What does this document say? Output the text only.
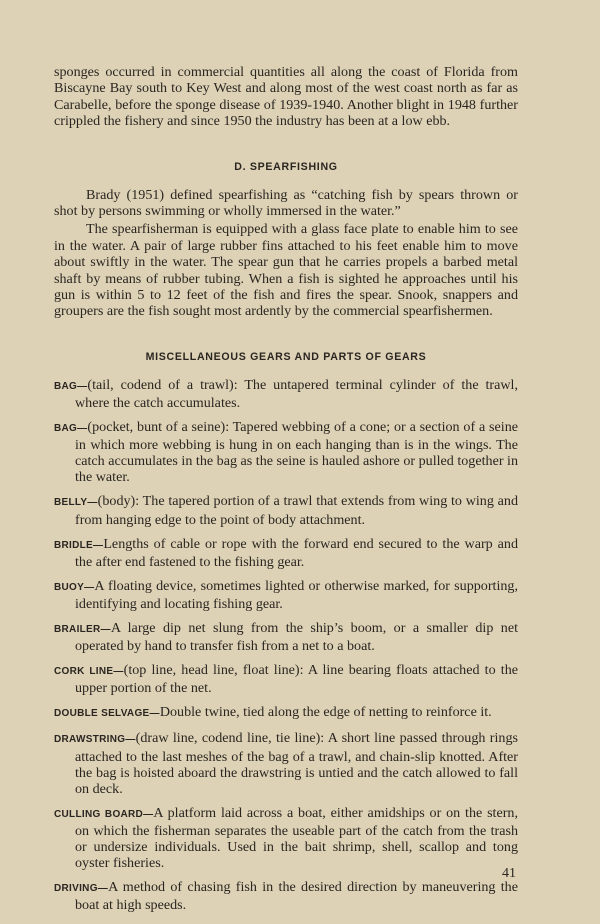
sponges occurred in commercial quantities all along the coast of Florida from Biscayne Bay south to Key West and along most of the west coast north as far as Carabelle, before the sponge disease of 1939-1940. Another blight in 1948 further crippled the fishery and since 1950 the industry has been at a low ebb.

D. SPEARFISHING

Brady (1951) defined spearfishing as “catching fish by spears thrown or shot by persons swimming or wholly immersed in the water.”

The spearfisherman is equipped with a glass face plate to enable him to see in the water. A pair of large rubber fins attached to his feet enable him to move about swiftly in the water. The spear gun that he carries propels a barbed metal shaft by means of rubber tubing. When a fish is sighted he approaches until his gun is within 5 to 12 feet of the fish and fires the spear. Snook, snappers and groupers are the fish sought most ardently by the commercial spearfishermen.

MISCELLANEOUS GEARS AND PARTS OF GEARS

BAG—(tail, codend of a trawl): The untapered terminal cylinder of the trawl, where the catch accumulates.

BAG—(pocket, bunt of a seine): Tapered webbing of a cone; or a section of a seine in which more webbing is hung in on each hanging than is in the wings. The catch accumulates in the bag as the seine is hauled ashore or pulled together in the water.

BELLY—(body): The tapered portion of a trawl that extends from wing to wing and from hanging edge to the point of body attachment.

BRIDLE—Lengths of cable or rope with the forward end secured to the warp and the after end fastened to the fishing gear.

BUOY—A floating device, sometimes lighted or otherwise marked, for supporting, identifying and locating fishing gear.

BRAILER—A large dip net slung from the ship’s boom, or a smaller dip net operated by hand to transfer fish from a net to a boat.

CORK LINE—(top line, head line, float line): A line bearing floats attached to the upper portion of the net.

DOUBLE SELVAGE—Double twine, tied along the edge of netting to reinforce it.

DRAWSTRING—(draw line, codend line, tie line): A short line passed through rings attached to the last meshes of the bag of a trawl, and chain-slip knotted. After the bag is hoisted aboard the drawstring is untied and the catch allowed to fall on deck.

CULLING BOARD—A platform laid across a boat, either amidships or on the stern, on which the fisherman separates the useable part of the catch from the trash or undersize individuals. Used in the bait shrimp, shell, scallop and tong oyster fisheries.

DRIVING—A method of chasing fish in the desired direction by maneuvering the boat at high speeds.

41
